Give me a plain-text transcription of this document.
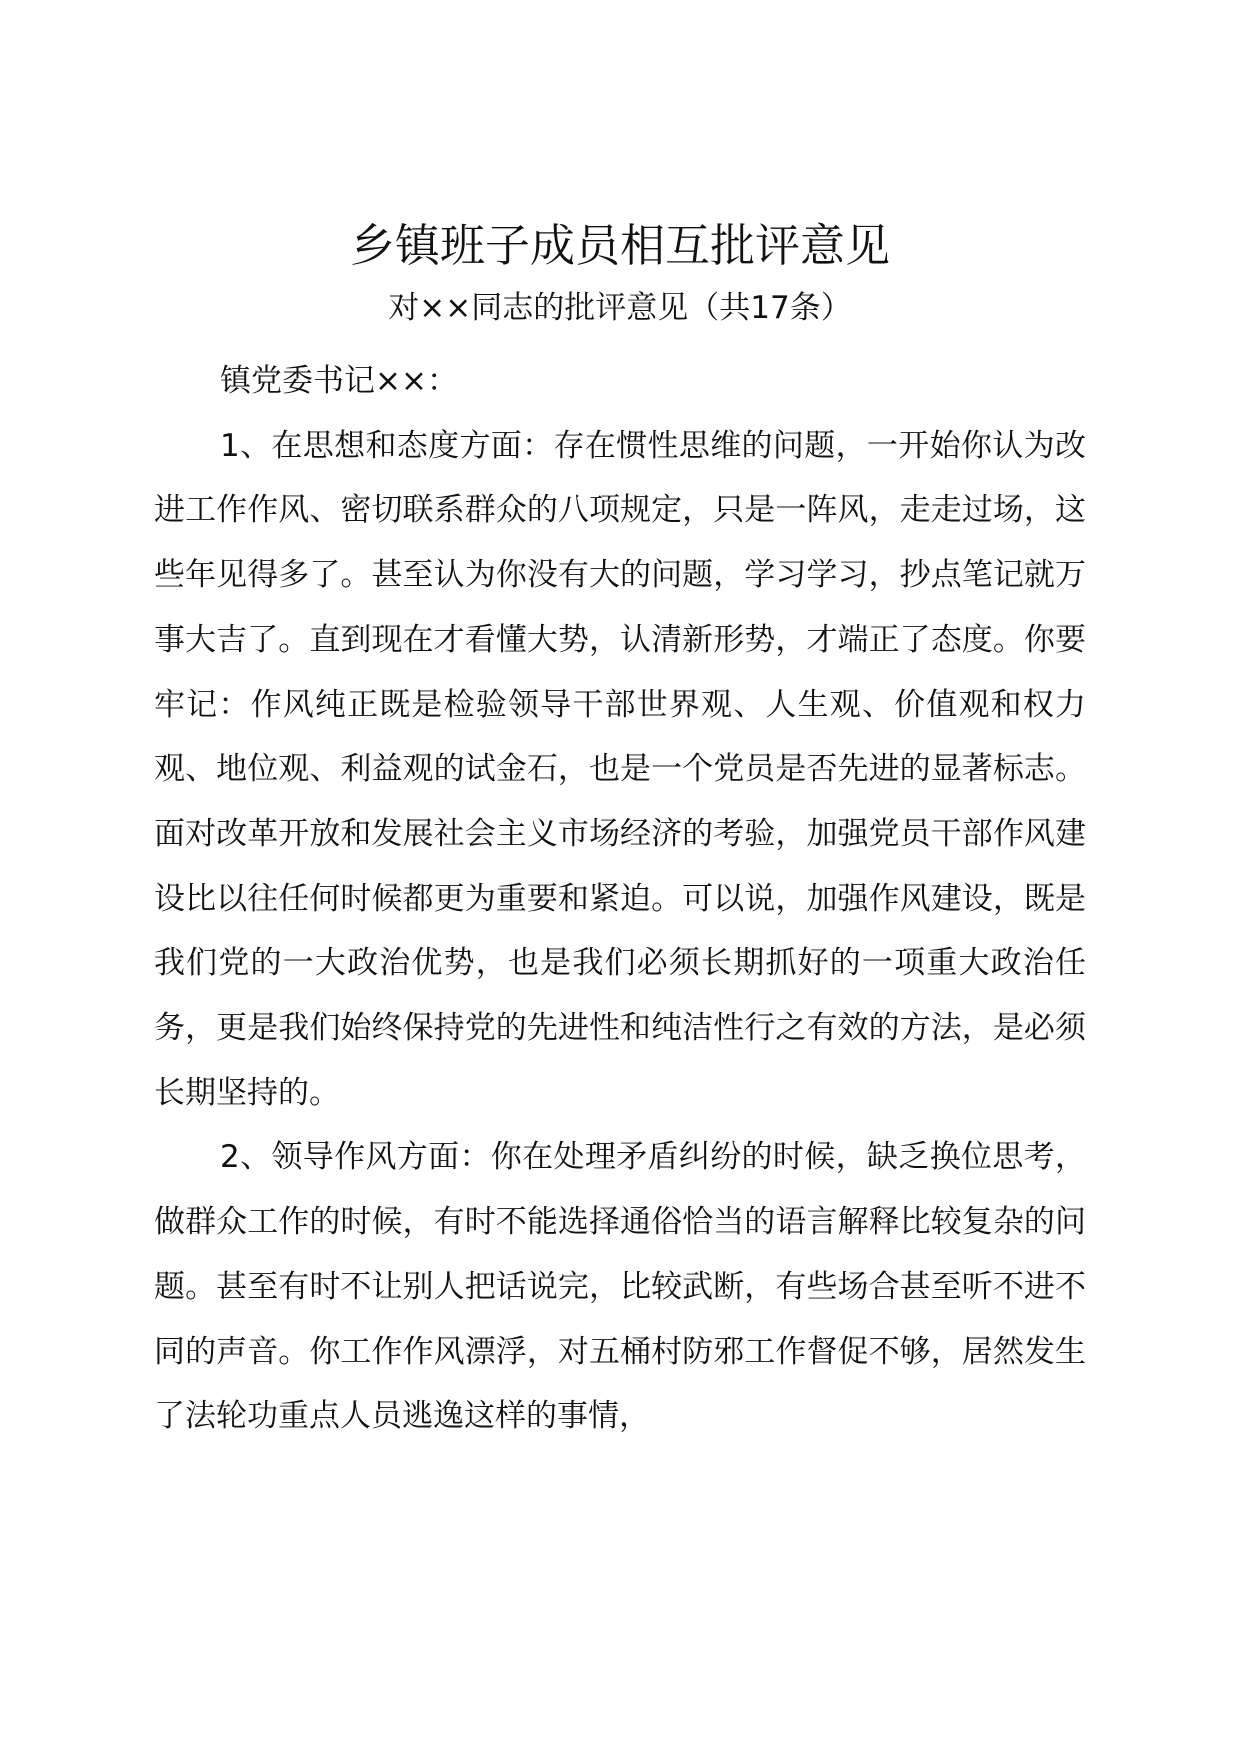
乡镇班子成员相互批评意见
对××同志的批评意见（共17条）

镇党委书记××：

1、在思想和态度方面：存在惯性思维的问题，一开始你认为改进工作作风、密切联系群众的八项规定，只是一阵风，走走过场，这些年见得多了。甚至认为你没有大的问题，学习学习，抄点笔记就万事大吉了。直到现在才看懂大势，认清新形势，才端正了态度。你要牢记：作风纯正既是检验领导干部世界观、人生观、价值观和权力观、地位观、利益观的试金石，也是一个党员是否先进的显著标志。面对改革开放和发展社会主义市场经济的考验，加强党员干部作风建设比以往任何时候都更为重要和紧迫。可以说，加强作风建设，既是我们党的一大政治优势，也是我们必须长期抓好的一项重大政治任务，更是我们始终保持党的先进性和纯洁性行之有效的方法，是必须长期坚持的。

2、领导作风方面：你在处理矛盾纠纷的时候，缺乏换位思考，做群众工作的时候，有时不能选择通俗恰当的语言解释比较复杂的问题。甚至有时不让别人把话说完，比较武断，有些场合甚至听不进不同的声音。你工作作风漂浮，对五桶村防邪工作督促不够，居然发生了法轮功重点人员逃逸这样的事情，
